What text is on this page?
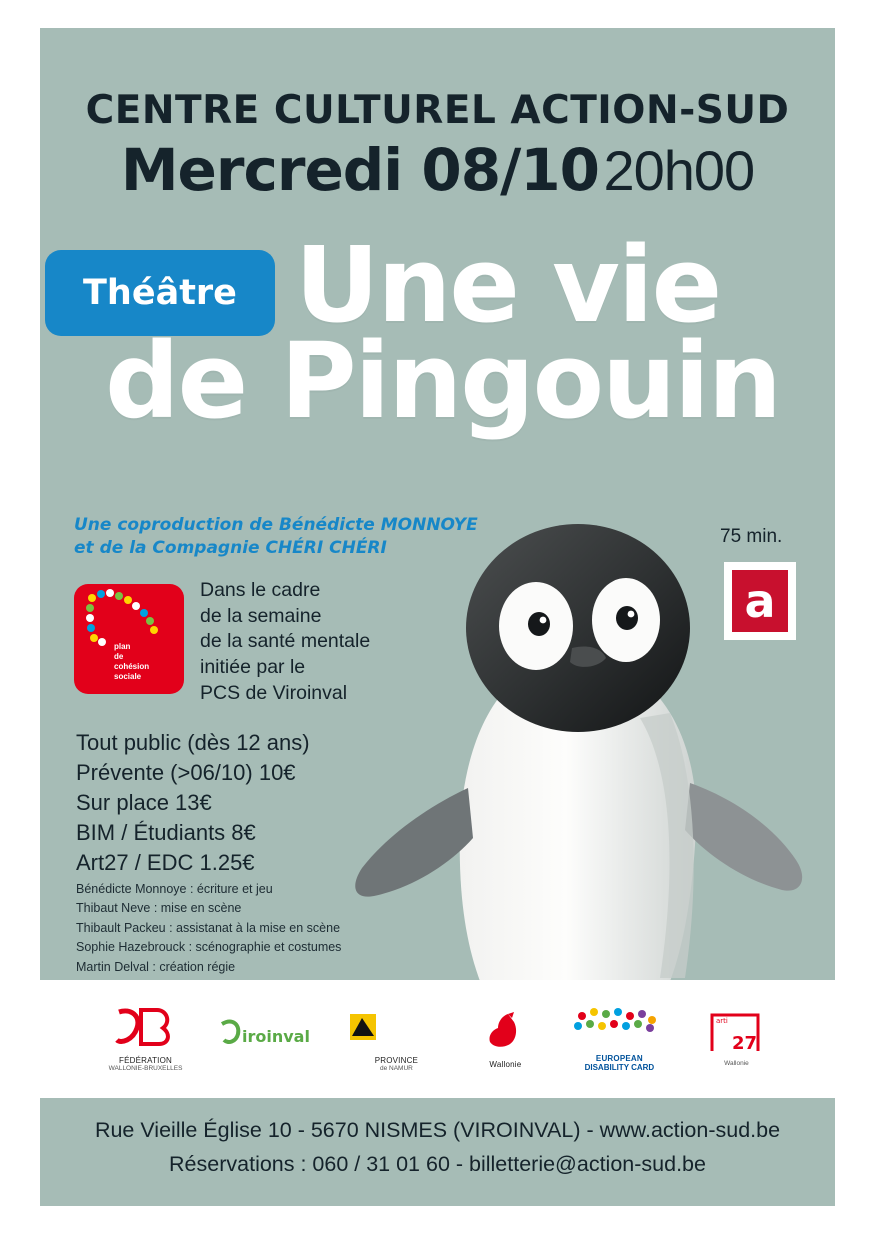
CENTRE CULTUREL ACTION-SUD
Mercredi 08/10 20h00
Théâtre Une vie
de Pingouin
Une coproduction de Bénédicte MONNOYE
et de la Compagnie CHÉRI CHÉRI
75 min.
a
plan
de
cohésion
sociale
Dans le cadre
de la semaine
de la santé mentale
initiée par le
PCS de Viroinval
Tout public (dès 12 ans)
Prévente (>06/10) 10€
Sur place 13€
BIM / Étudiants 8€
Art27 / EDC 1.25€
Bénédicte Monnoye : écriture et jeu
Thibaut Neve : mise en scène
Thibault Packeu : assistanat à la mise en scène
Sophie Hazebrouck : scénographie et costumes
Martin Delval : création régie
FÉDÉRATION
WALLONIE-BRUXELLES
iroinval
PROVINCE
de NAMUR	Wallonie
EUROPEAN
DISABILITY CARD
arti
27
Wallonie
Rue Vieille Église 10 - 5670 NISMES (VIROINVAL) - www.action-sud.be
Réservations : 060 / 31 01 60 - billetterie@action-sud.be
